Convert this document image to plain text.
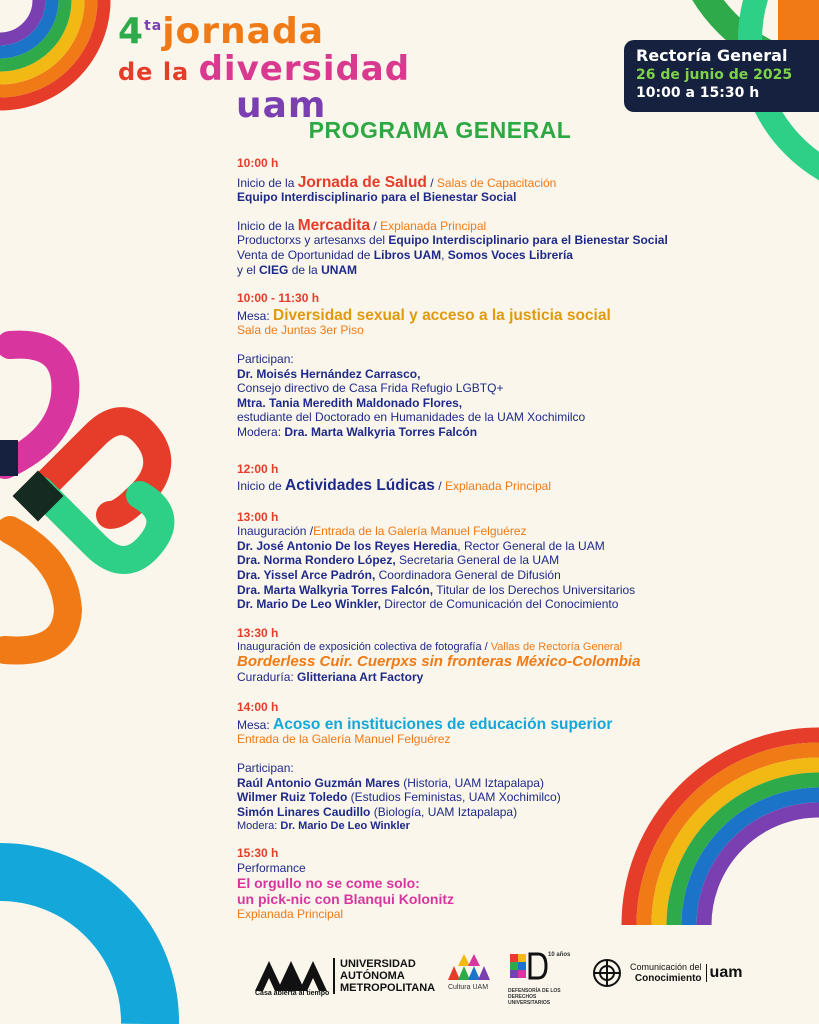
$4^{ta}jornada$
de la diversidad
uam
Rectoría General
26 de junio de 2025
10:00 a 15:30 h
PROGRAMA GENERAL

10:00 h

Inicio de la Jornada de Salud / Salas de Capacitación

Equipo Interdisciplinario para el Bienestar Social

Inicio de la Mercadita / Explanada Principal

Productorxs y artesanxs del Equipo Interdisciplinario para el Bienestar Social

Venta de Oportunidad de Libros UAM, Somos Voces Librería

y el CIEG de la UNAM

10:00 - 11:30 h

Mesa: Diversidad sexual y acceso a la justicia social

Sala de Juntas 3er Piso

Participan:

Dr. Moisés Hernández Carrasco,

Consejo directivo de Casa Frida Refugio LGBTQ+

Mtra. Tania Meredith Maldonado Flores,

estudiante del Doctorado en Humanidades de la UAM Xochimilco

Modera: Dra. Marta Walkyria Torres Falcón

12:00 h

Inicio de Actividades Lúdicas / Explanada Principal

13:00 h

Inauguración /Entrada de la Galería Manuel Felguérez

Dr. José Antonio De los Reyes Heredia, Rector General de la UAM

Dra. Norma Rondero López, Secretaria General de la UAM

Dra. Yissel Arce Padrón, Coordinadora General de Difusión

Dra. Marta Walkyria Torres Falcón, Titular de los Derechos Universitarios

Dr. Mario De Leo Winkler, Director de Comunicación del Conocimiento

13:30 h

Inauguración de exposición colectiva de fotografía / Vallas de Rectoría General

Borderless Cuir. Cuerpxs sin fronteras México-Colombia

Curaduría: Glitteriana Art Factory

14:00 h

Mesa: Acoso en instituciones de educación superior

Entrada de la Galería Manuel Felguérez

Participan:

Raúl Antonio Guzmán Mares (Historia, UAM Iztapalapa)

Wilmer Ruiz Toledo (Estudios Feministas, UAM Xochimilco)

Simón Linares Caudillo (Biología, UAM Iztapalapa)

Modera: Dr. Mario De Leo Winkler

15:30 h

Performance

El orgullo no se come solo:

un pick-nic con Blanqui Kolonitz

Explanada Principal

UNIVERSIDAD
AUTÓNOMA
METROPOLITANA
Casa abierta al tiempo
Cultura UAM
10 años
DEFENSORÍA DE LOS DERECHOS UNIVERSITARIOS
Comunicación del
Conocimiento uam
